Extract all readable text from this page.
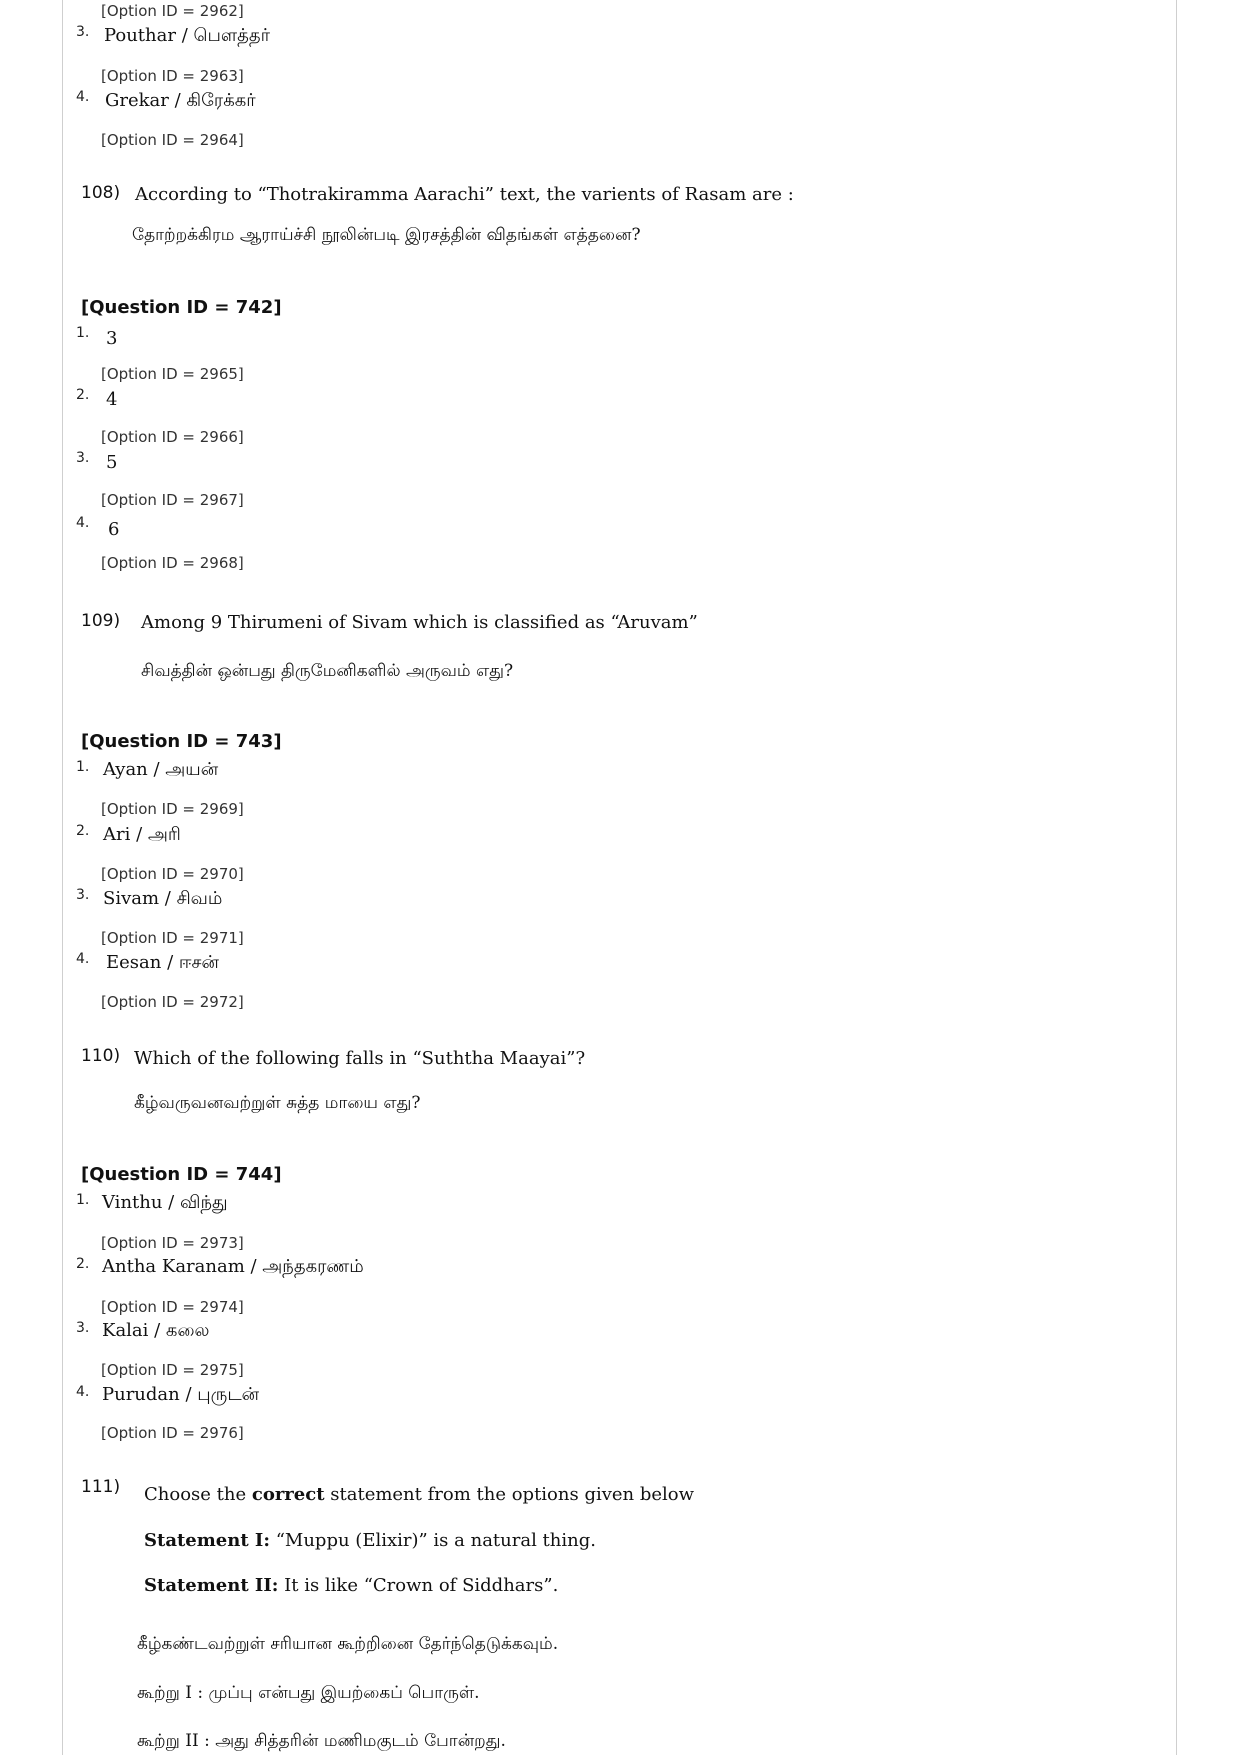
[Option ID = 2962]
3. Pouthar / பௌத்தர்
[Option ID = 2963]
4. Grekar / கிரேக்கர்
[Option ID = 2964]
108) According to “Thotrakiramma Aarachi” text, the varients of Rasam are :
தோற்றக்கிரம ஆராய்ச்சி நூலின்படி இரசத்தின் விதங்கள் எத்தனை?
[Question ID = 742]
1. 3
[Option ID = 2965]
2. 4
[Option ID = 2966]
3. 5
[Option ID = 2967]
4. 6
[Option ID = 2968]
109) Among 9 Thirumeni of Sivam which is classified as “Aruvam”
சிவத்தின் ஒன்பது திருமேனிகளில் அருவம் எது?
[Question ID = 743]
1. Ayan / அயன்
[Option ID = 2969]
2. Ari / அரி
[Option ID = 2970]
3. Sivam / சிவம்
[Option ID = 2971]
4. Eesan / ஈசன்
[Option ID = 2972]
110) Which of the following falls in “Suththa Maayai”?
கீழ்வருவனவற்றுள் சுத்த மாயை எது?
[Question ID = 744]
1. Vinthu / விந்து
[Option ID = 2973]
2. Antha Karanam / அந்தகரணம்
[Option ID = 2974]
3. Kalai / கலை
[Option ID = 2975]
4. Purudan / புருடன்
[Option ID = 2976]
111) Choose the correct statement from the options given below
Statement I: “Muppu (Elixir)” is a natural thing.
Statement II: It is like “Crown of Siddhars”.
கீழ்கண்டவற்றுள் சரியான கூற்றினை தேர்ந்தெடுக்கவும்.
கூற்று I : முப்பு என்பது இயற்கைப் பொருள்.
கூற்று II : அது சித்தரின் மணிமகுடம் போன்றது.
